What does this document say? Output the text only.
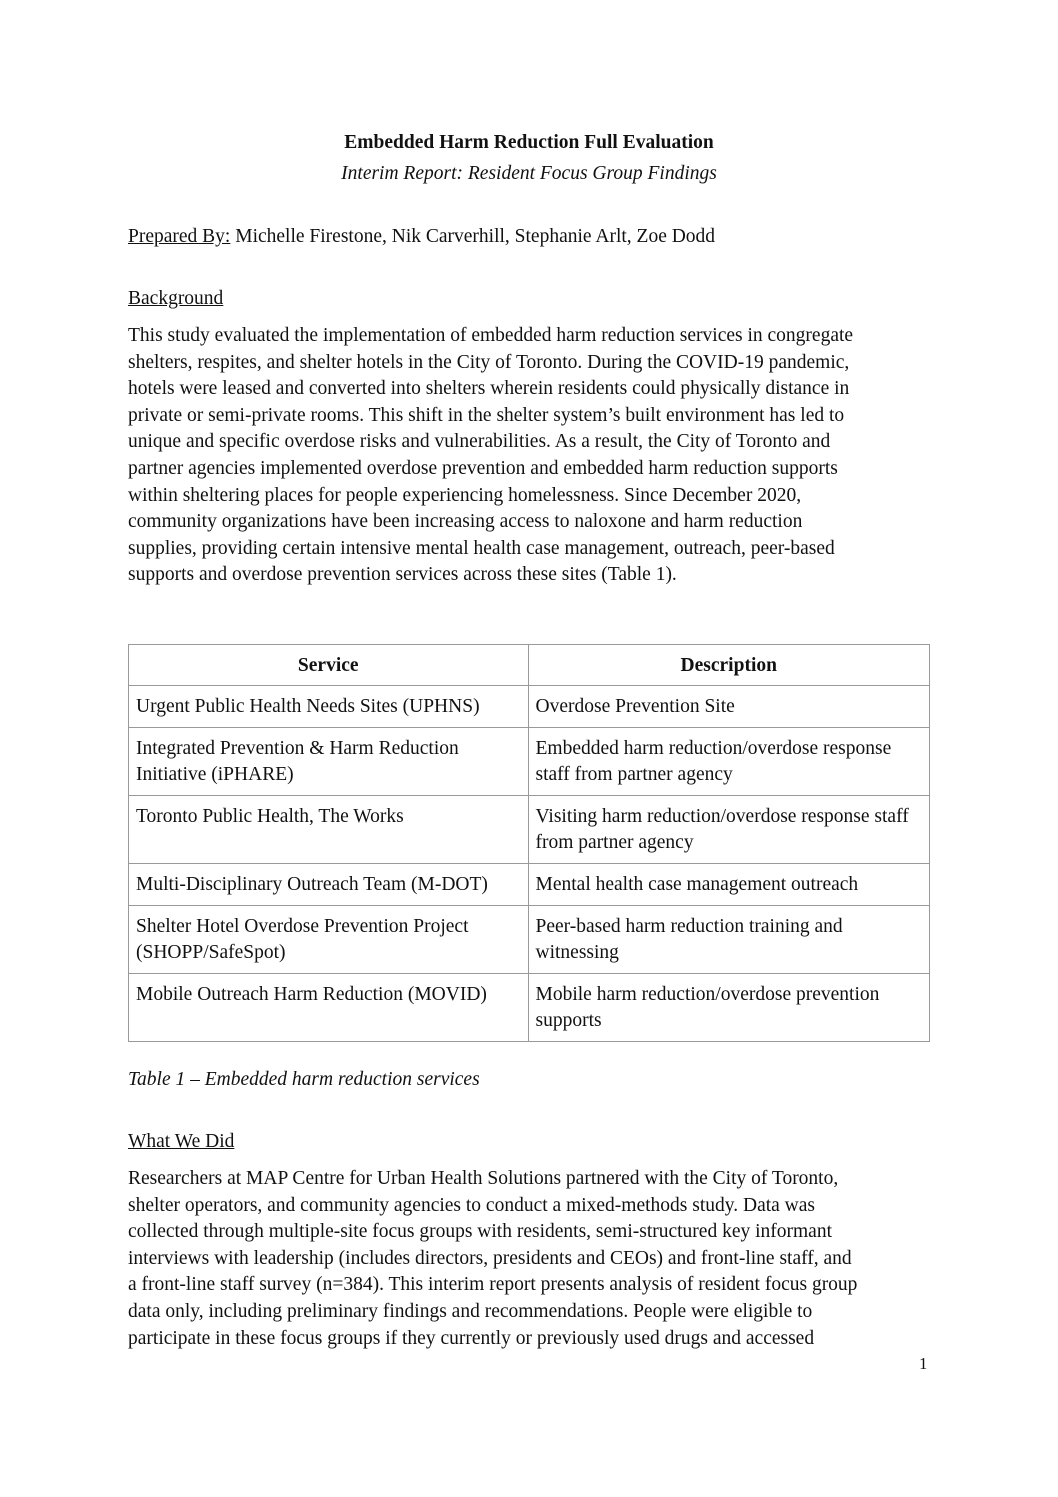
Embedded Harm Reduction Full Evaluation
Interim Report: Resident Focus Group Findings
Prepared By: Michelle Firestone, Nik Carverhill, Stephanie Arlt, Zoe Dodd
Background
This study evaluated the implementation of embedded harm reduction services in congregate
shelters, respites, and shelter hotels in the City of Toronto. During the COVID-19 pandemic,
hotels were leased and converted into shelters wherein residents could physically distance in
private or semi-private rooms. This shift in the shelter system’s built environment has led to
unique and specific overdose risks and vulnerabilities. As a result, the City of Toronto and
partner agencies implemented overdose prevention and embedded harm reduction supports
within sheltering places for people experiencing homelessness. Since December 2020,
community organizations have been increasing access to naloxone and harm reduction
supplies, providing certain intensive mental health case management, outreach, peer-based
supports and overdose prevention services across these sites (Table 1).
Service	Description
Urgent Public Health Needs Sites (UPHNS)	Overdose Prevention Site
Integrated Prevention & Harm Reduction Initiative (iPHARE)	Embedded harm reduction/overdose response staff from partner agency
Toronto Public Health, The Works	Visiting harm reduction/overdose response staff from partner agency
Multi-Disciplinary Outreach Team (M-DOT)	Mental health case management outreach
Shelter Hotel Overdose Prevention Project (SHOPP/SafeSpot)	Peer-based harm reduction training and witnessing
Mobile Outreach Harm Reduction (MOVID)	Mobile harm reduction/overdose prevention supports
Table 1 – Embedded harm reduction services
What We Did
Researchers at MAP Centre for Urban Health Solutions partnered with the City of Toronto,
shelter operators, and community agencies to conduct a mixed-methods study. Data was
collected through multiple-site focus groups with residents, semi-structured key informant
interviews with leadership (includes directors, presidents and CEOs) and front-line staff, and
a front-line staff survey (n=384). This interim report presents analysis of resident focus group
data only, including preliminary findings and recommendations. People were eligible to
participate in these focus groups if they currently or previously used drugs and accessed
1
